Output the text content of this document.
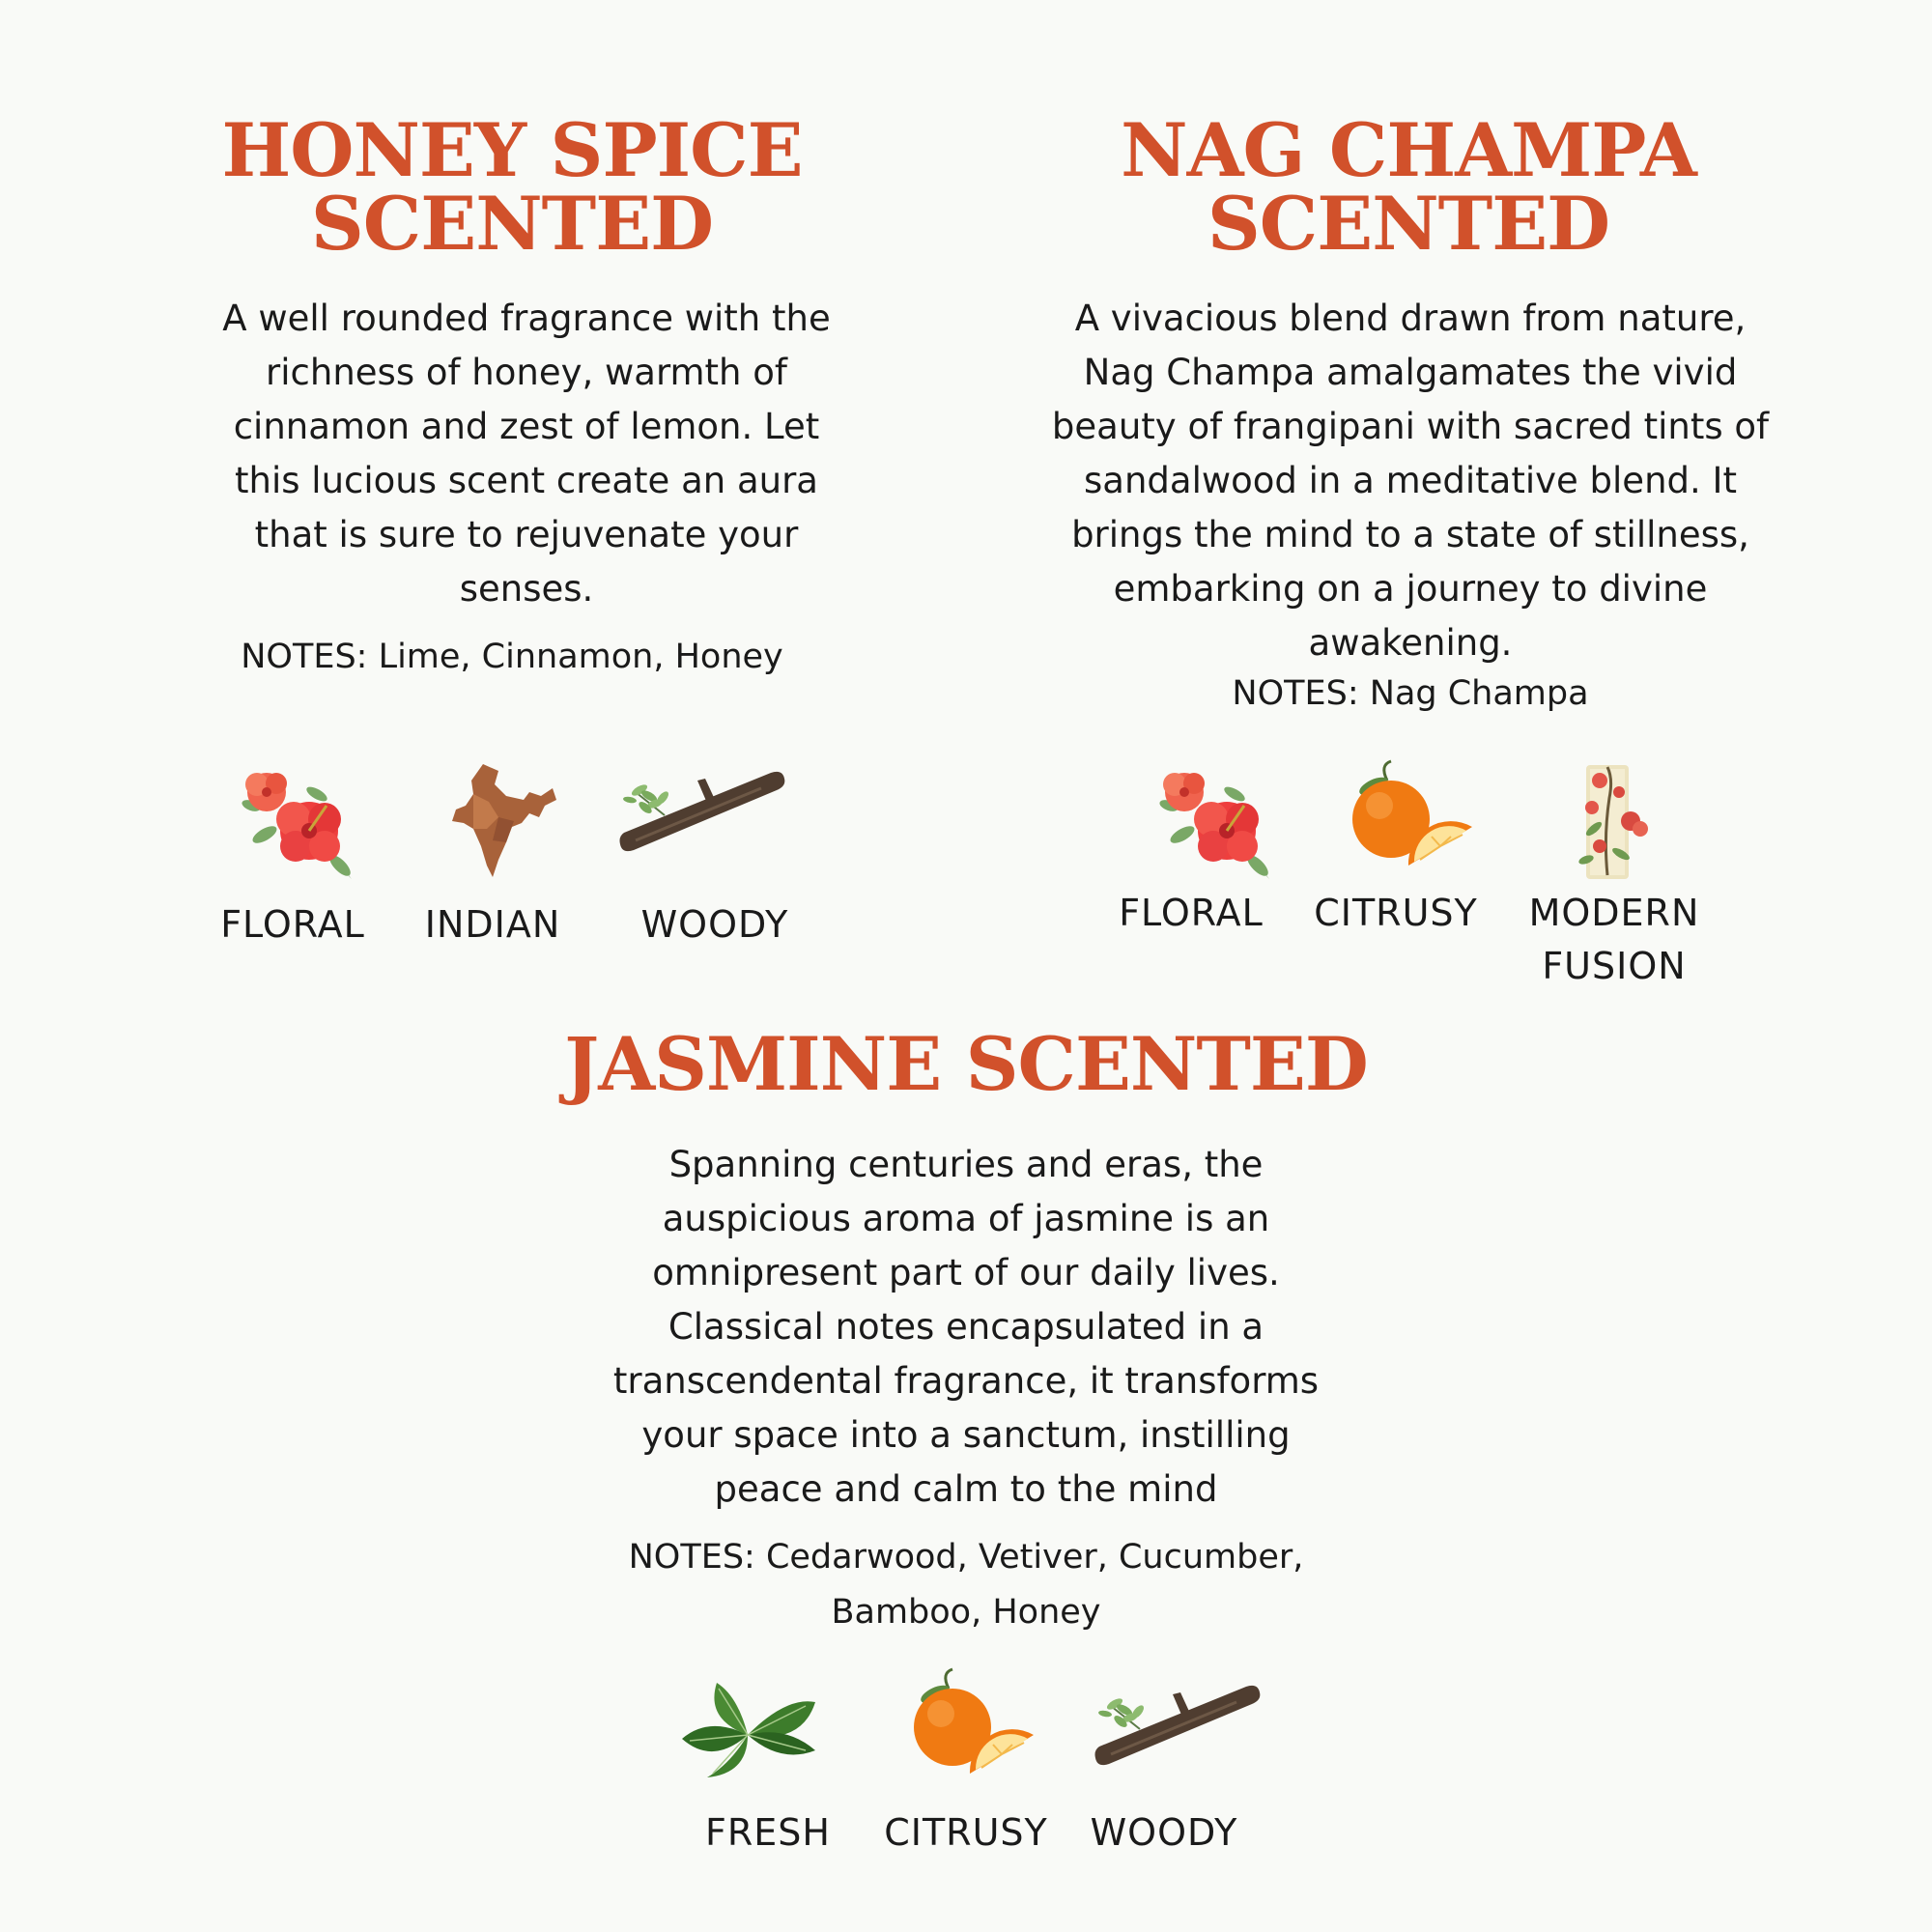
HONEY SPICE
SCENTED

A well rounded fragrance with the richness of honey, warmth of cinnamon and zest of lemon. Let this lucious scent create an aura that is sure to rejuvenate your senses.

NOTES: Lime, Cinnamon, Honey

FLORAL	INDIAN	WOODY
NAG CHAMPA
SCENTED

A vivacious blend drawn from nature, Nag Champa amalgamates the vivid beauty of frangipani with sacred tints of sandalwood in a meditative blend. It brings the mind to a state of stillness, embarking on a journey to divine awakening.

NOTES: Nag Champa

FLORAL	CITRUSY	MODERN
FUSION
JASMINE SCENTED

Spanning centuries and eras, the auspicious aroma of jasmine is an omnipresent part of our daily lives. Classical notes encapsulated in a transcendental fragrance, it transforms your space into a sanctum, instilling peace and calm to the mind

NOTES: Cedarwood, Vetiver, Cucumber, Bamboo, Honey

FRESH	CITRUSY	WOODY
